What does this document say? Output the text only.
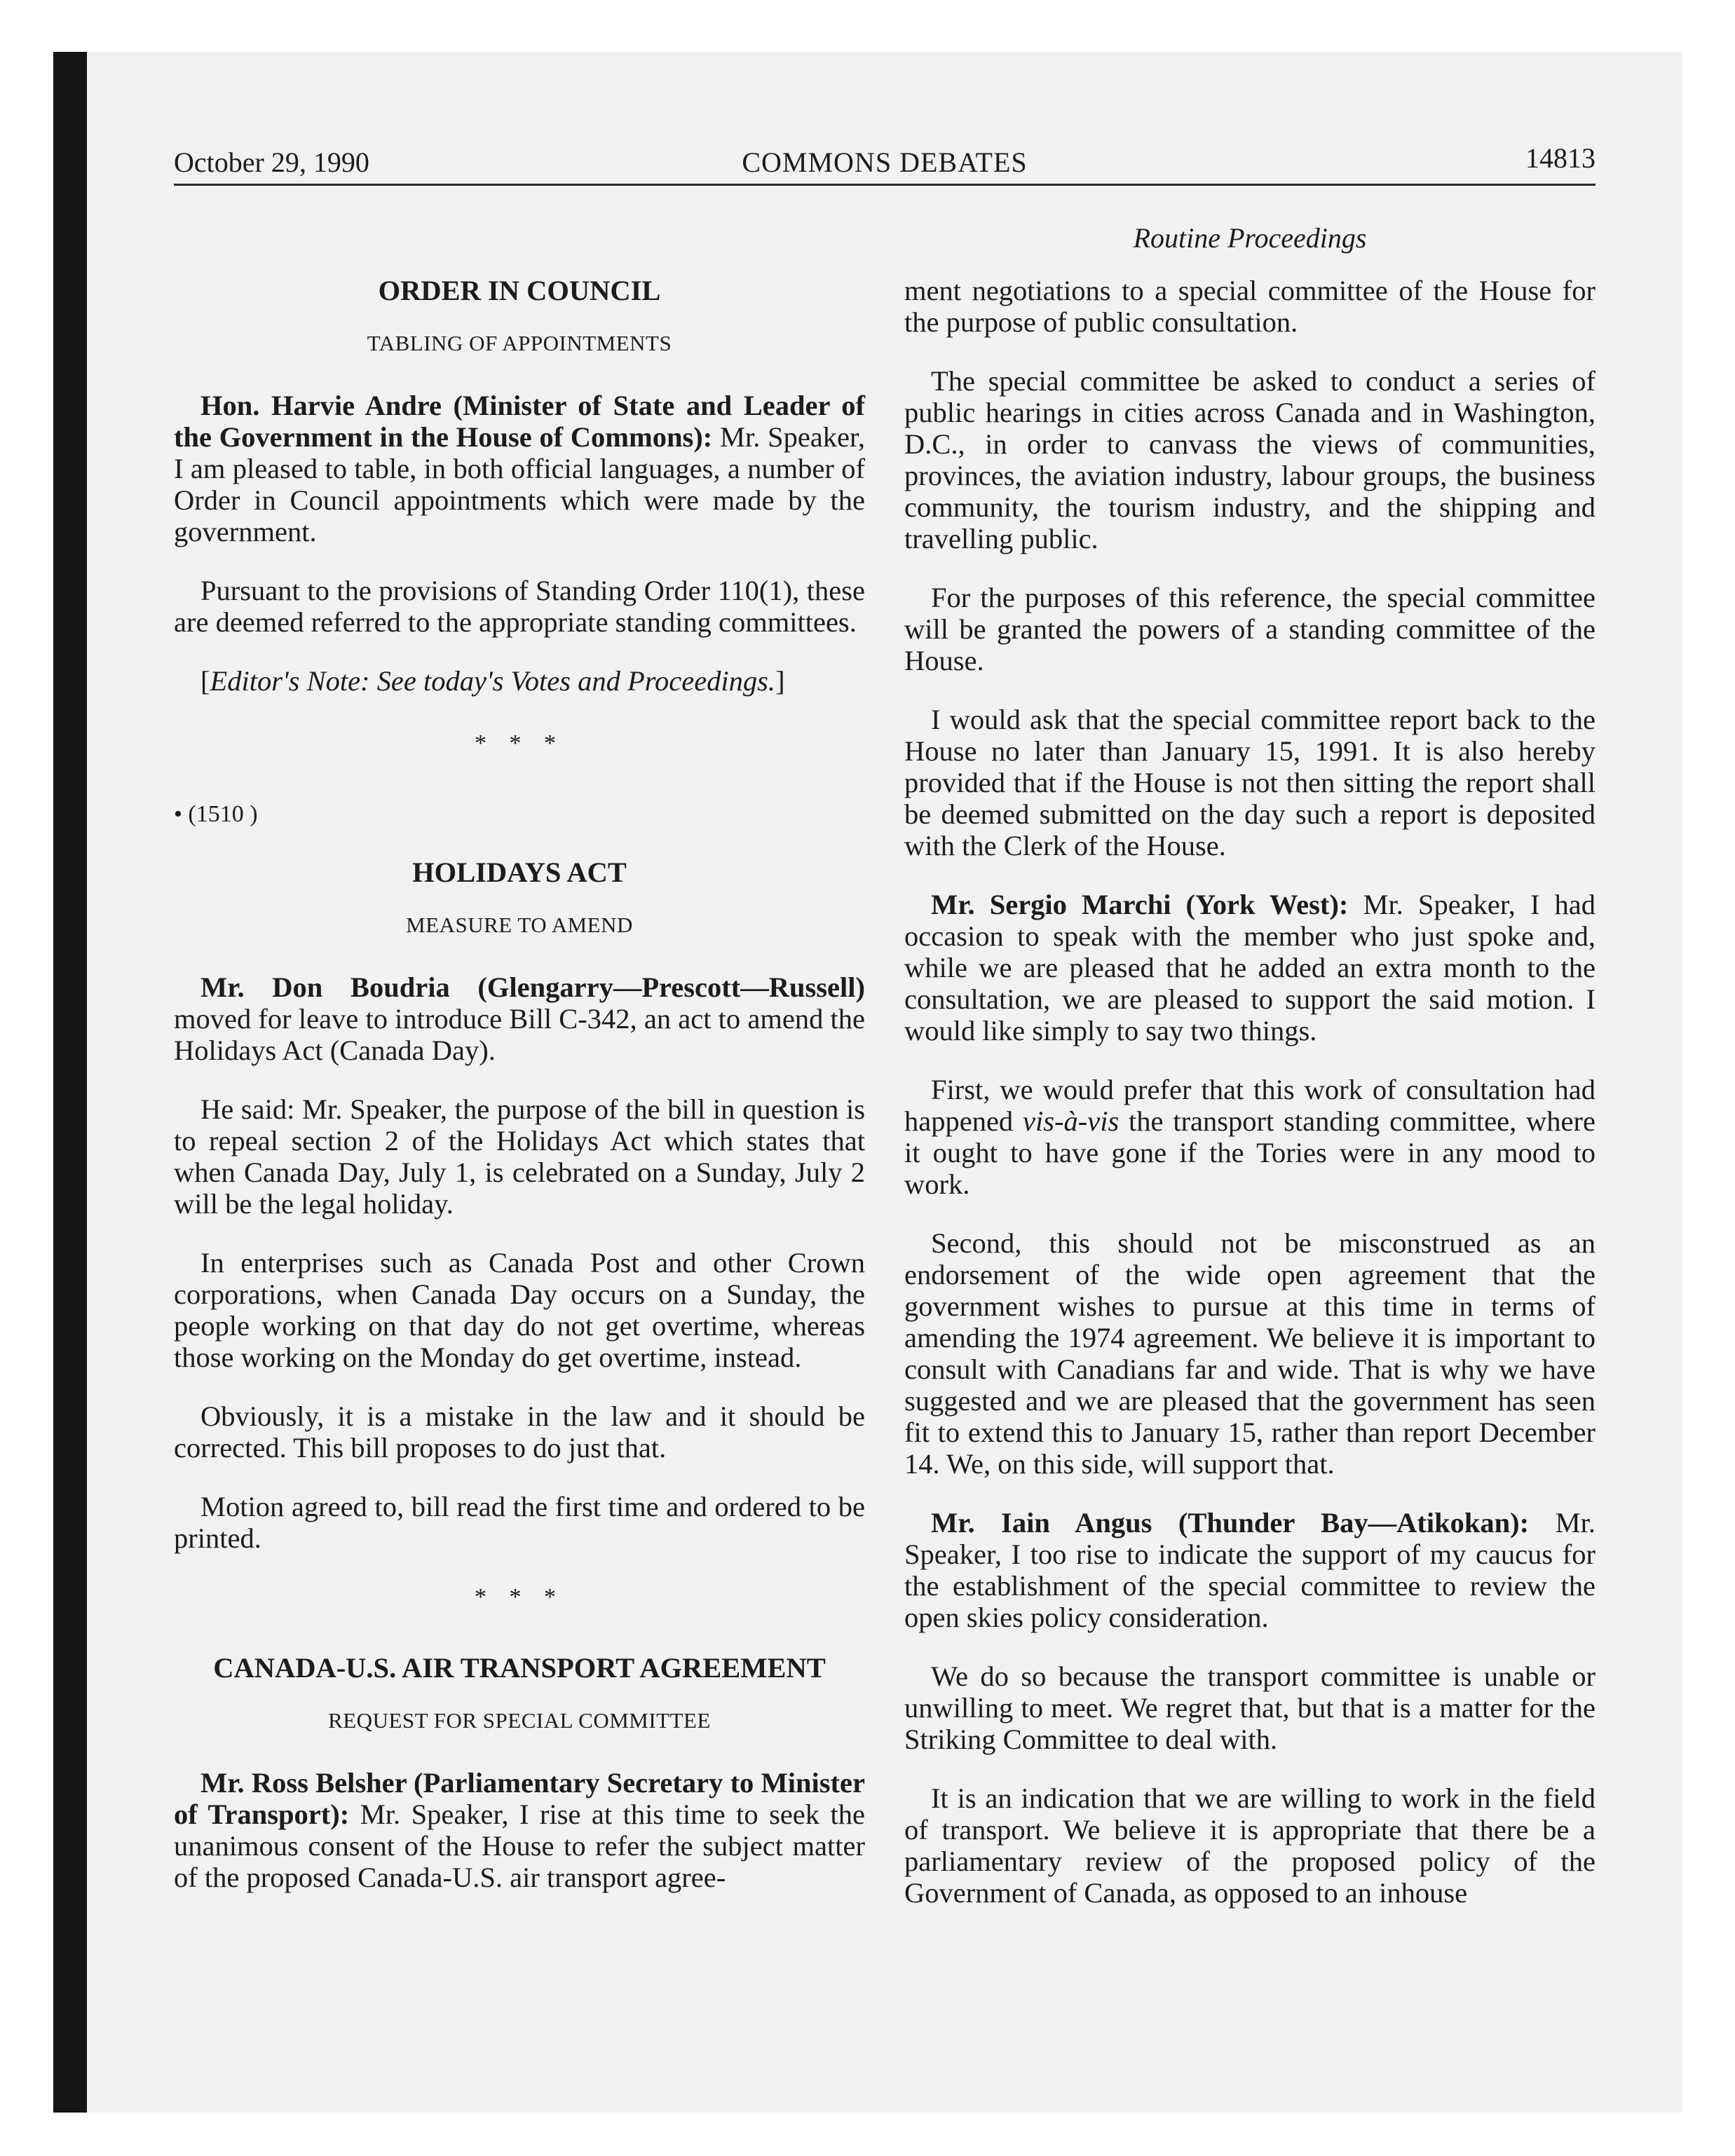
October 29, 1990	COMMONS DEBATES	14813
Routine Proceedings
ORDER IN COUNCIL
TABLING OF APPOINTMENTS

Hon. Harvie Andre (Minister of State and Leader of the Government in the House of Commons): Mr. Speaker, I am pleased to table, in both official languages, a number of Order in Council appointments which were made by the government.

Pursuant to the provisions of Standing Order 110(1), these are deemed referred to the appropriate standing committees.

[Editor's Note: See today's Votes and Proceedings.]
* * *
• (1510 )
HOLIDAYS ACT
MEASURE TO AMEND

Mr. Don Boudria (Glengarry—Prescott—Russell) moved for leave to introduce Bill C-342, an act to amend the Holidays Act (Canada Day).

He said: Mr. Speaker, the purpose of the bill in question is to repeal section 2 of the Holidays Act which states that when Canada Day, July 1, is celebrated on a Sunday, July 2 will be the legal holiday.

In enterprises such as Canada Post and other Crown corporations, when Canada Day occurs on a Sunday, the people working on that day do not get overtime, whereas those working on the Monday do get overtime, instead.

Obviously, it is a mistake in the law and it should be corrected. This bill proposes to do just that.

Motion agreed to, bill read the first time and ordered to be printed.

* * *
CANADA-U.S. AIR TRANSPORT AGREEMENT
REQUEST FOR SPECIAL COMMITTEE

Mr. Ross Belsher (Parliamentary Secretary to Minister of Transport): Mr. Speaker, I rise at this time to seek the unanimous consent of the House to refer the subject matter of the proposed Canada-U.S. air transport agree-

ment negotiations to a special committee of the House for the purpose of public consultation.

The special committee be asked to conduct a series of public hearings in cities across Canada and in Washington, D.C., in order to canvass the views of communities, provinces, the aviation industry, labour groups, the business community, the tourism industry, and the shipping and travelling public.

For the purposes of this reference, the special committee will be granted the powers of a standing committee of the House.

I would ask that the special committee report back to the House no later than January 15, 1991. It is also hereby provided that if the House is not then sitting the report shall be deemed submitted on the day such a report is deposited with the Clerk of the House.

Mr. Sergio Marchi (York West): Mr. Speaker, I had occasion to speak with the member who just spoke and, while we are pleased that he added an extra month to the consultation, we are pleased to support the said motion. I would like simply to say two things.

First, we would prefer that this work of consultation had happened vis-à-vis the transport standing committee, where it ought to have gone if the Tories were in any mood to work.

Second, this should not be misconstrued as an endorsement of the wide open agreement that the government wishes to pursue at this time in terms of amending the 1974 agreement. We believe it is important to consult with Canadians far and wide. That is why we have suggested and we are pleased that the government has seen fit to extend this to January 15, rather than report December 14. We, on this side, will support that.

Mr. Iain Angus (Thunder Bay—Atikokan): Mr. Speaker, I too rise to indicate the support of my caucus for the establishment of the special committee to review the open skies policy consideration.

We do so because the transport committee is unable or unwilling to meet. We regret that, but that is a matter for the Striking Committee to deal with.

It is an indication that we are willing to work in the field of transport. We believe it is appropriate that there be a parliamentary review of the proposed policy of the Government of Canada, as opposed to an inhouse
